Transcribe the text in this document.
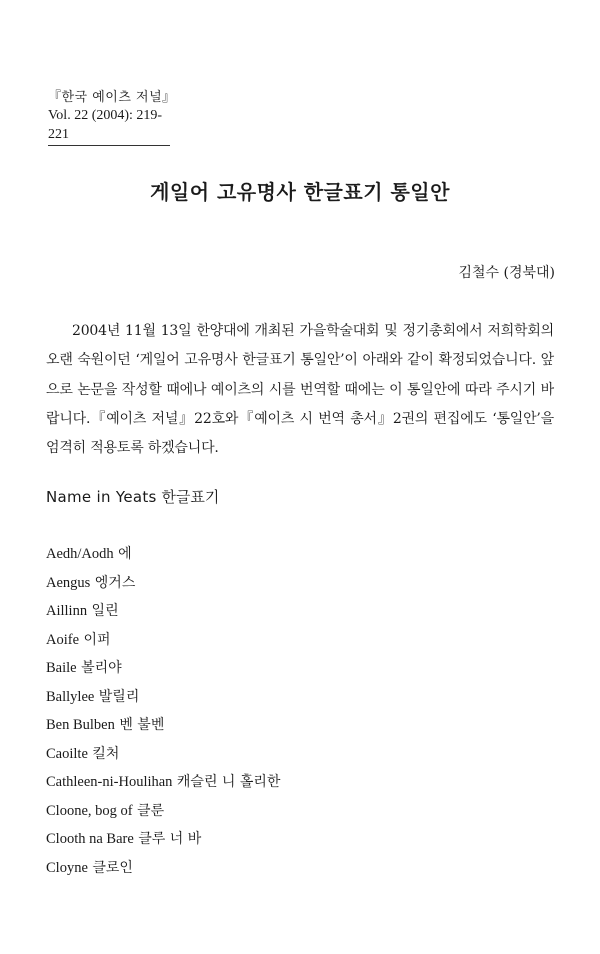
『한국 예이츠 저널』
Vol. 22 (2004): 219-221
게일어 고유명사 한글표기 통일안
김철수 (경북대)

2004년 11월 13일 한양대에 개최된 가을학술대회 및 정기총회에서 저희학회의 오랜 숙원이던 ‘게일어 고유명사 한글표기 통일안’이 아래와 같이 확정되었습니다. 앞으로 논문을 작성할 때에나 예이츠의 시를 번역할 때에는 이 통일안에 따라 주시기 바랍니다.『예이츠 저널』22호와『예이츠 시 번역 총서』2권의 편집에도 ‘통일안’을 엄격히 적용토록 하겠습니다.

Name in Yeats 한글표기
Aedh/Aodh 에
Aengus 엥거스
Aillinn 일린
Aoife 이퍼
Baile 볼리야
Ballylee 발릴리
Ben Bulben 벤 불벤
Caoilte 킬처
Cathleen-ni-Houlihan 캐슬린 니 홀리한
Cloone, bog of 클룬
Clooth na Bare 클루 너 바
Cloyne 클로인
